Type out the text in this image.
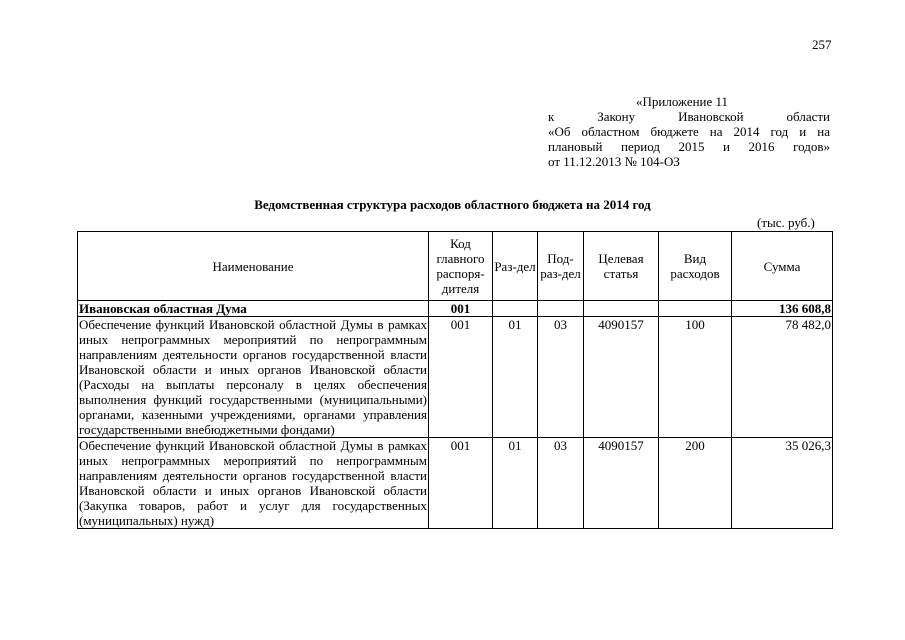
257
«Приложение 11
к Закону Ивановской области
«Об областном бюджете на 2014 год и на
плановый период 2015 и 2016 годов»
от 11.12.2013 № 104-ОЗ
Ведомственная структура расходов областного бюджета на 2014 год
(тыс. руб.)
Наименование	Код главного распоря-дителя	Раз-дел	Под-раз-дел	Целевая статья	Вид расходов	Сумма
Ивановская областная Дума	001					136 608,8
Обеспечение функций Ивановской областной Думы в рамках иных непрограммных мероприятий по непрограммным направлениям деятельности органов государственной власти Ивановской области и иных органов Ивановской области (Расходы на выплаты персоналу в целях обеспечения выполнения функций государственными (муниципальными) органами, казенными учреждениями, органами управления государственными внебюджетными фондами)	001	01	03	4090157	100	78 482,0
Обеспечение функций Ивановской областной Думы в рамках иных непрограммных мероприятий по непрограммным направлениям деятельности органов государственной власти Ивановской области и иных органов Ивановской области (Закупка товаров, работ и услуг для государственных (муниципальных) нужд)	001	01	03	4090157	200	35 026,3
